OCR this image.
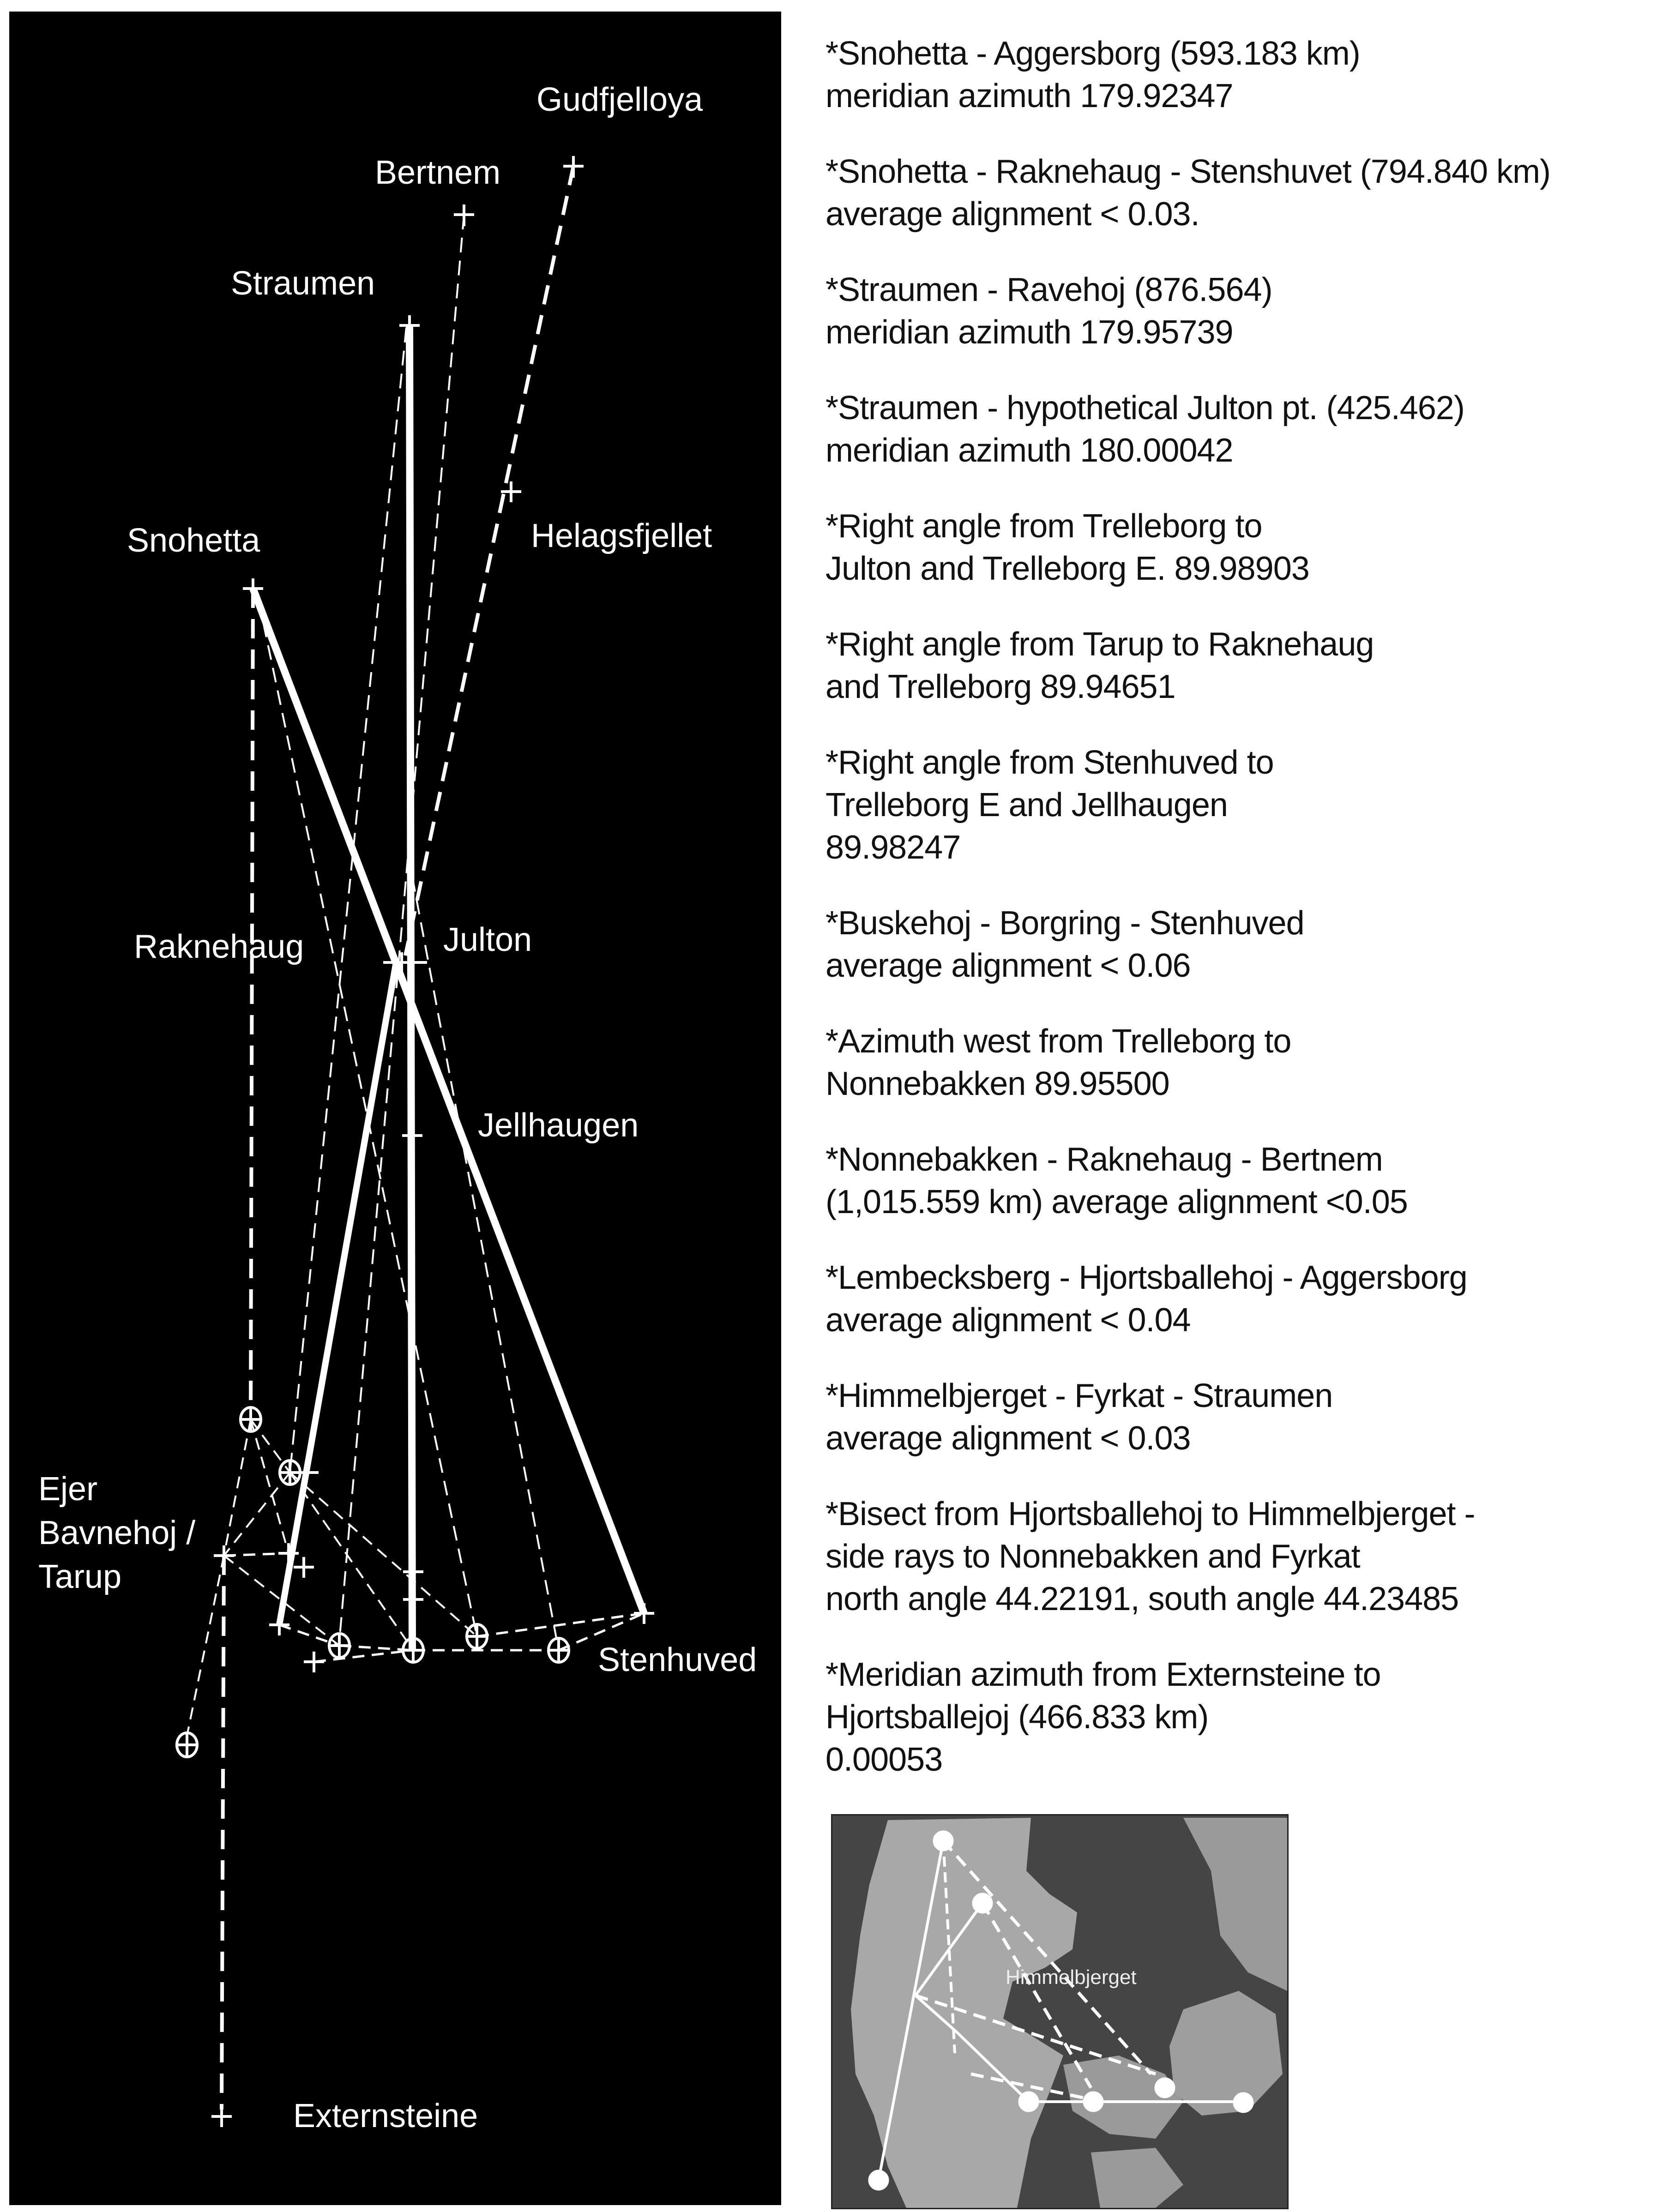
Gudfjelloya
Bertnem
Straumen
Helagsfjellet
Snohetta
Raknehaug	Julton
Jellhaugen
Ejer
Bavnehoj /
Tarup
Stenhuved
Externsteine

*Snohetta - Aggersborg (593.183 km)
meridian azimuth 179.92347

*Snohetta - Raknehaug - Stenshuvet (794.840 km)
average alignment < 0.03.

*Straumen - Ravehoj (876.564)
meridian azimuth 179.95739

*Straumen - hypothetical Julton pt. (425.462)
meridian azimuth 180.00042

*Right angle from Trelleborg to
Julton and Trelleborg E. 89.98903

*Right angle from Tarup to Raknehaug
and Trelleborg 89.94651

*Right angle from Stenhuved to
Trelleborg E and Jellhaugen
89.98247

*Buskehoj - Borgring - Stenhuved
average alignment < 0.06

*Azimuth west from Trelleborg to
Nonnebakken 89.95500

*Nonnebakken - Raknehaug - Bertnem
(1,015.559 km) average alignment <0.05

*Lembecksberg - Hjortsballehoj - Aggersborg
average alignment < 0.04

*Himmelbjerget - Fyrkat - Straumen
average alignment < 0.03

*Bisect from Hjortsballehoj to Himmelbjerget -
side rays to Nonnebakken and Fyrkat
north angle 44.22191, south angle 44.23485

*Meridian azimuth from Externsteine to
Hjortsballejoj (466.833 km)
0.00053

Himmelbjerget
